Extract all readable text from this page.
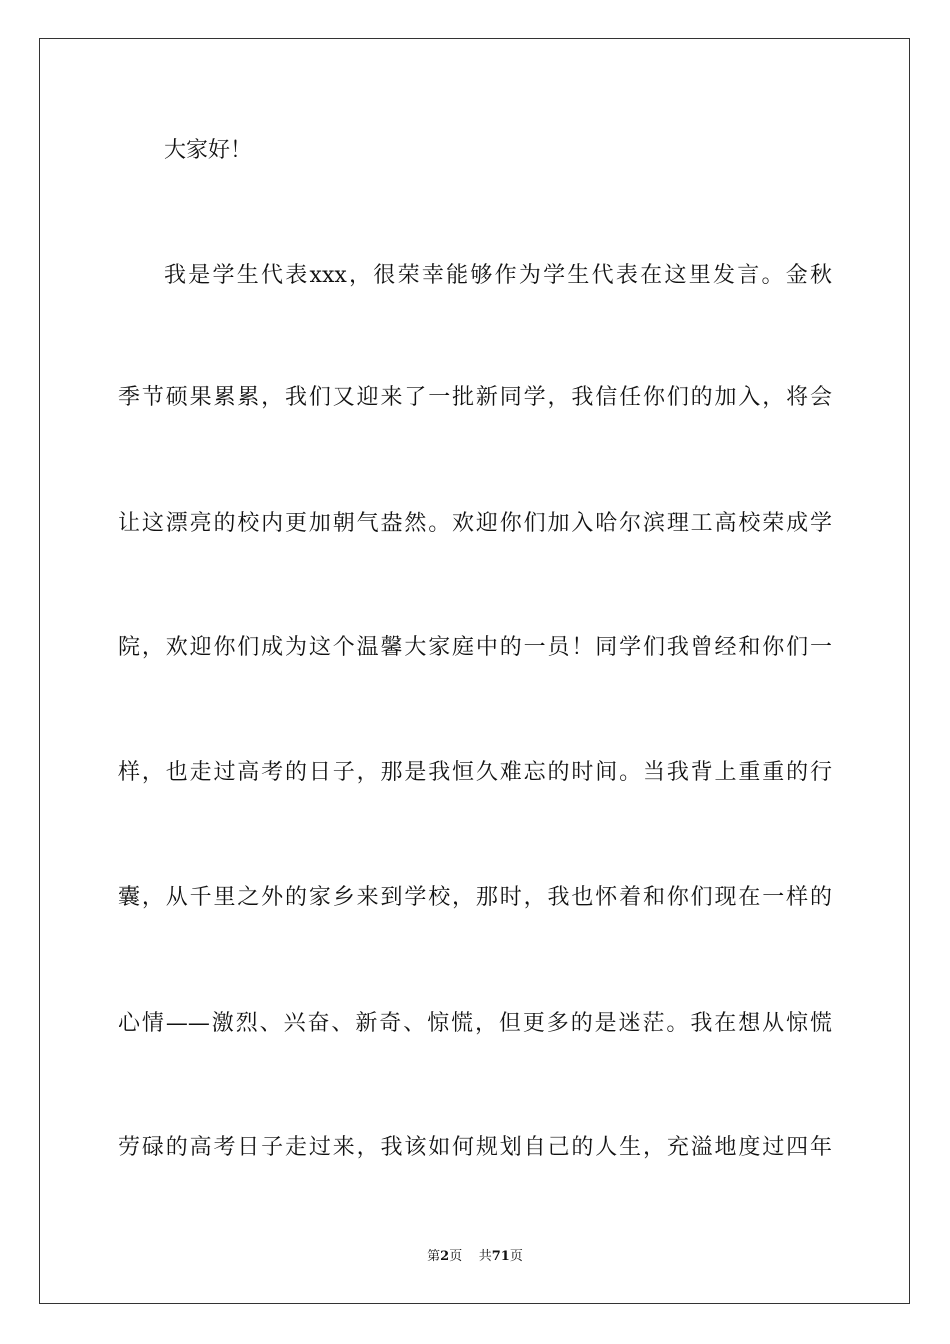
大家好！
我是学生代表xxx，很荣幸能够作为学生代表在这里发言。金秋
季节硕果累累，我们又迎来了一批新同学，我信任你们的加入，将会
让这漂亮的校内更加朝气盎然。欢迎你们加入哈尔滨理工高校荣成学
院，欢迎你们成为这个温馨大家庭中的一员！同学们我曾经和你们一
样，也走过高考的日子，那是我恒久难忘的时间。当我背上重重的行
囊，从千里之外的家乡来到学校，那时，我也怀着和你们现在一样的
心情——激烈、兴奋、新奇、惊慌，但更多的是迷茫。我在想从惊慌
劳碌的高考日子走过来，我该如何规划自己的人生，充溢地度过四年
第2页 共71页
